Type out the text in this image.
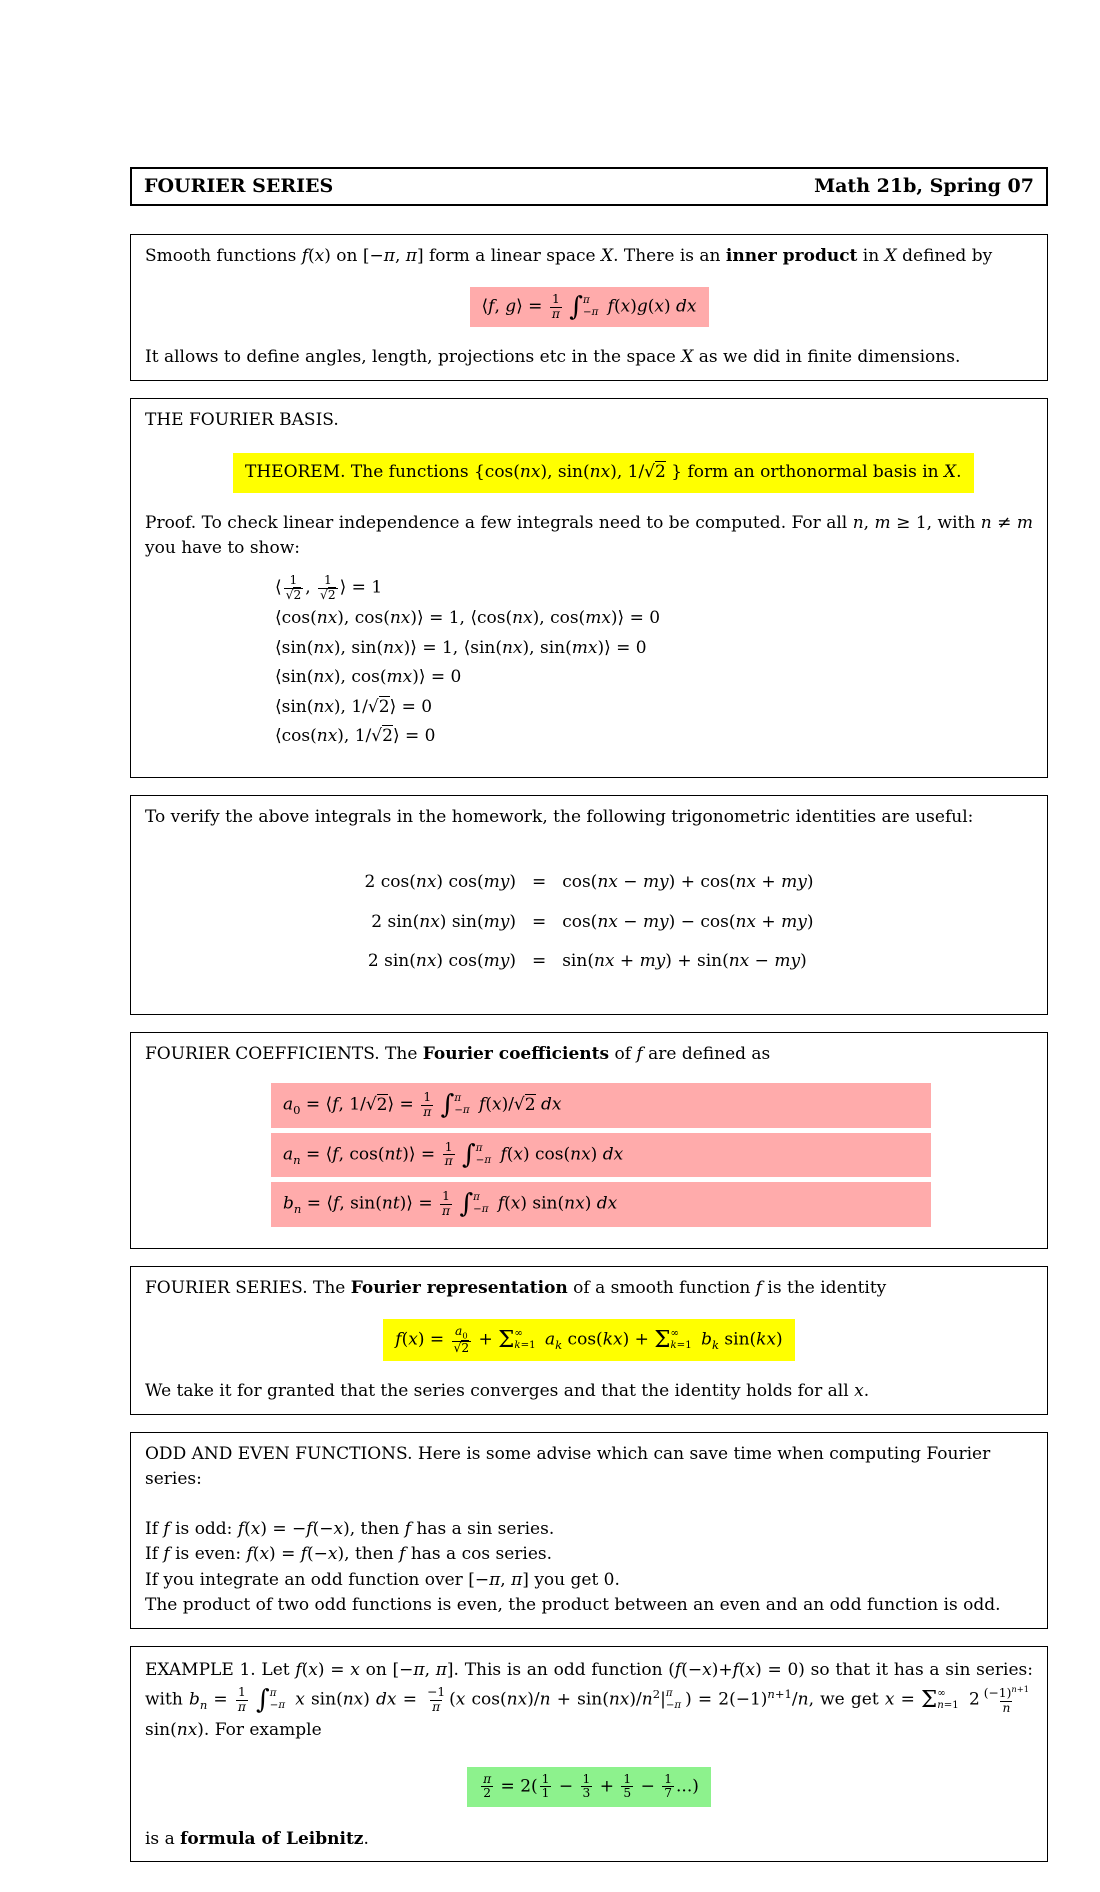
FOURIER SERIES	Math 21b, Spring 07

Smooth functions f(x) on [−π, π] form a linear space X. There is an inner product in X defined by

⟨f, g⟩ = $\frac{1}{\pi}$ ∫ π
−π f(x)g(x) dx

It allows to define angles, length, projections etc in the space X as we did in finite dimensions.

THE FOURIER BASIS.

THEOREM. The functions {cos(nx), sin(nx), 1/√2 } form an orthonormal basis in X.

Proof. To check linear independence a few integrals need to be computed. For all n, m ≥ 1, with n ≠ m you have to show:

⟨ $\frac{1}{√2}$ , $\frac{1}{√2}$ ⟩ = 1
⟨cos(nx), cos(nx)⟩ = 1, ⟨cos(nx), cos(mx)⟩ = 0
⟨sin(nx), sin(nx)⟩ = 1, ⟨sin(nx), sin(mx)⟩ = 0
⟨sin(nx), cos(mx)⟩ = 0
⟨sin(nx), 1/√2⟩ = 0
⟨cos(nx), 1/√2⟩ = 0

To verify the above integrals in the homework, the following trigonometric identities are useful:

2 cos(nx) cos(my) = cos(nx − my) + cos(nx + my)
2 sin(nx) sin(my) = cos(nx − my) − cos(nx + my)
2 sin(nx) cos(my) = sin(nx + my) + sin(nx − my)

FOURIER COEFFICIENTS. The Fourier coefficients of f are defined as

$a_0$ = ⟨f, 1/√2⟩ = $\frac{1}{\pi}$ ∫ π
−π f(x)/√2 dx
$a_n$ = ⟨f, cos(nt)⟩ = $\frac{1}{\pi}$ ∫ π
−π f(x) cos(nx) dx
$b_n$ = ⟨f, sin(nt)⟩ = $\frac{1}{\pi}$ ∫ π
−π f(x) sin(nx) dx

FOURIER SERIES. The Fourier representation of a smooth function f is the identity

$f(x) = \frac{a_0}{√2} + \Sigma$ ∞
k=1 $a_k$ cos(kx) + Σ ∞
k=1 $b_k$ sin(kx)

We take it for granted that the series converges and that the identity holds for all x.

ODD AND EVEN FUNCTIONS. Here is some advise which can save time when computing Fourier series:

If f is odd: f(x) = −f(−x), then f has a sin series.

If f is even: f(x) = f(−x), then f has a cos series.

If you integrate an odd function over [−π, π] you get 0.

The product of two odd functions is even, the product between an even and an odd function is odd.

EXAMPLE 1. Let f(x) = x on [−π, π]. This is an odd function (f(−x)+f(x) = 0) so that it has a sin series: with $b_n = \frac{1}{\pi}$ ∫ π
−π x sin(nx) dx = $\frac{-1}{\pi} (x$ $\cos(nx)/n + \sin(nx)/n^2|$ π
−π ) = $2(-1)^{n+1}/n$, we get x = Σ ∞
n=1 $2 \frac{(-1)^{n+1}}{n}$
sin(nx). For example

$\frac{\pi}{2} = 2( \frac{1}{1} - \frac{1}{3} + \frac{1}{5} - \frac{1}{7}$ ...)

is a formula of Leibnitz.
